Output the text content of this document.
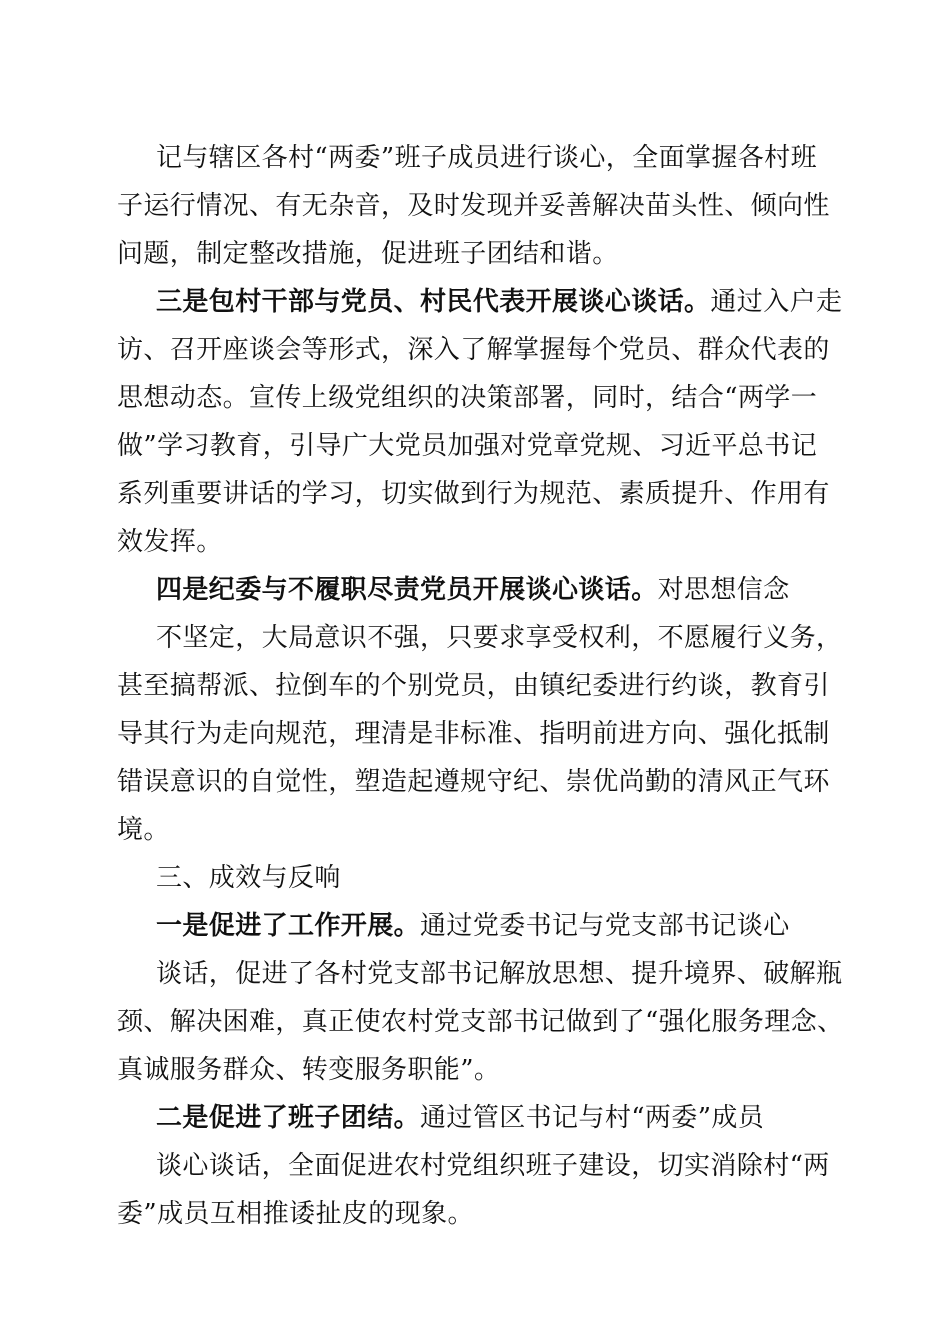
记与辖区各村“两委”班子成员进行谈心，全面掌握各村班
子运行情况、有无杂音，及时发现并妥善解决苗头性、倾向性
问题，制定整改措施，促进班子团结和谐。
三是包村干部与党员、村民代表开展谈心谈话。通过入户走
访、召开座谈会等形式，深入了解掌握每个党员、群众代表的
思想动态。宣传上级党组织的决策部署，同时，结合“两学一
做”学习教育，引导广大党员加强对党章党规、习近平总书记
系列重要讲话的学习，切实做到行为规范、素质提升、作用有
效发挥。
四是纪委与不履职尽责党员开展谈心谈话。对思想信念
不坚定，大局意识不强，只要求享受权利，不愿履行义务，
甚至搞帮派、拉倒车的个别党员，由镇纪委进行约谈，教育引
导其行为走向规范，理清是非标准、指明前进方向、强化抵制
错误意识的自觉性，塑造起遵规守纪、崇优尚勤的清风正气环
境。
三、成效与反响
一是促进了工作开展。通过党委书记与党支部书记谈心
谈话，促进了各村党支部书记解放思想、提升境界、破解瓶
颈、解决困难，真正使农村党支部书记做到了“强化服务理念、
真诚服务群众、转变服务职能”。
二是促进了班子团结。通过管区书记与村“两委”成员
谈心谈话，全面促进农村党组织班子建设，切实消除村“两
委”成员互相推诿扯皮的现象。
